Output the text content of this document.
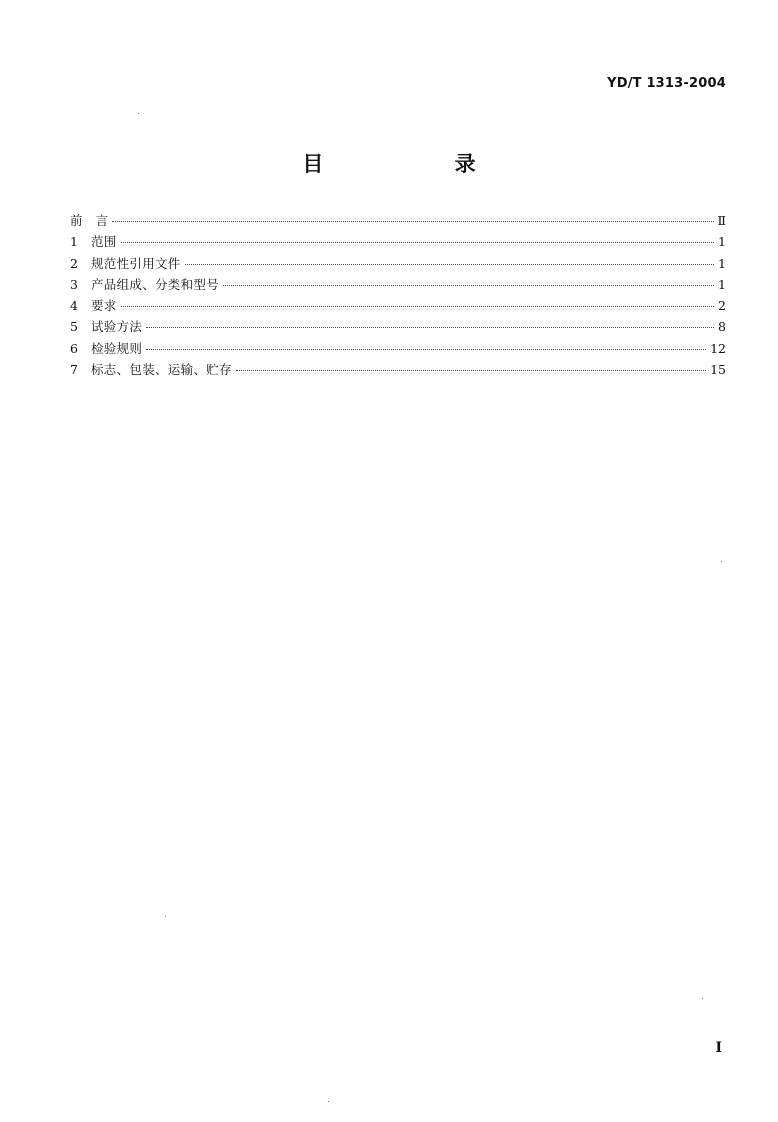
YD/T 1313-2004
目 录
前   言	Ⅱ
1	范围	1
2	规范性引用文件	1
3	产品组成、分类和型号	1
4	要求	2
5	试验方法	8
6	检验规则	12
7	标志、包装、运输、贮存	15
I
